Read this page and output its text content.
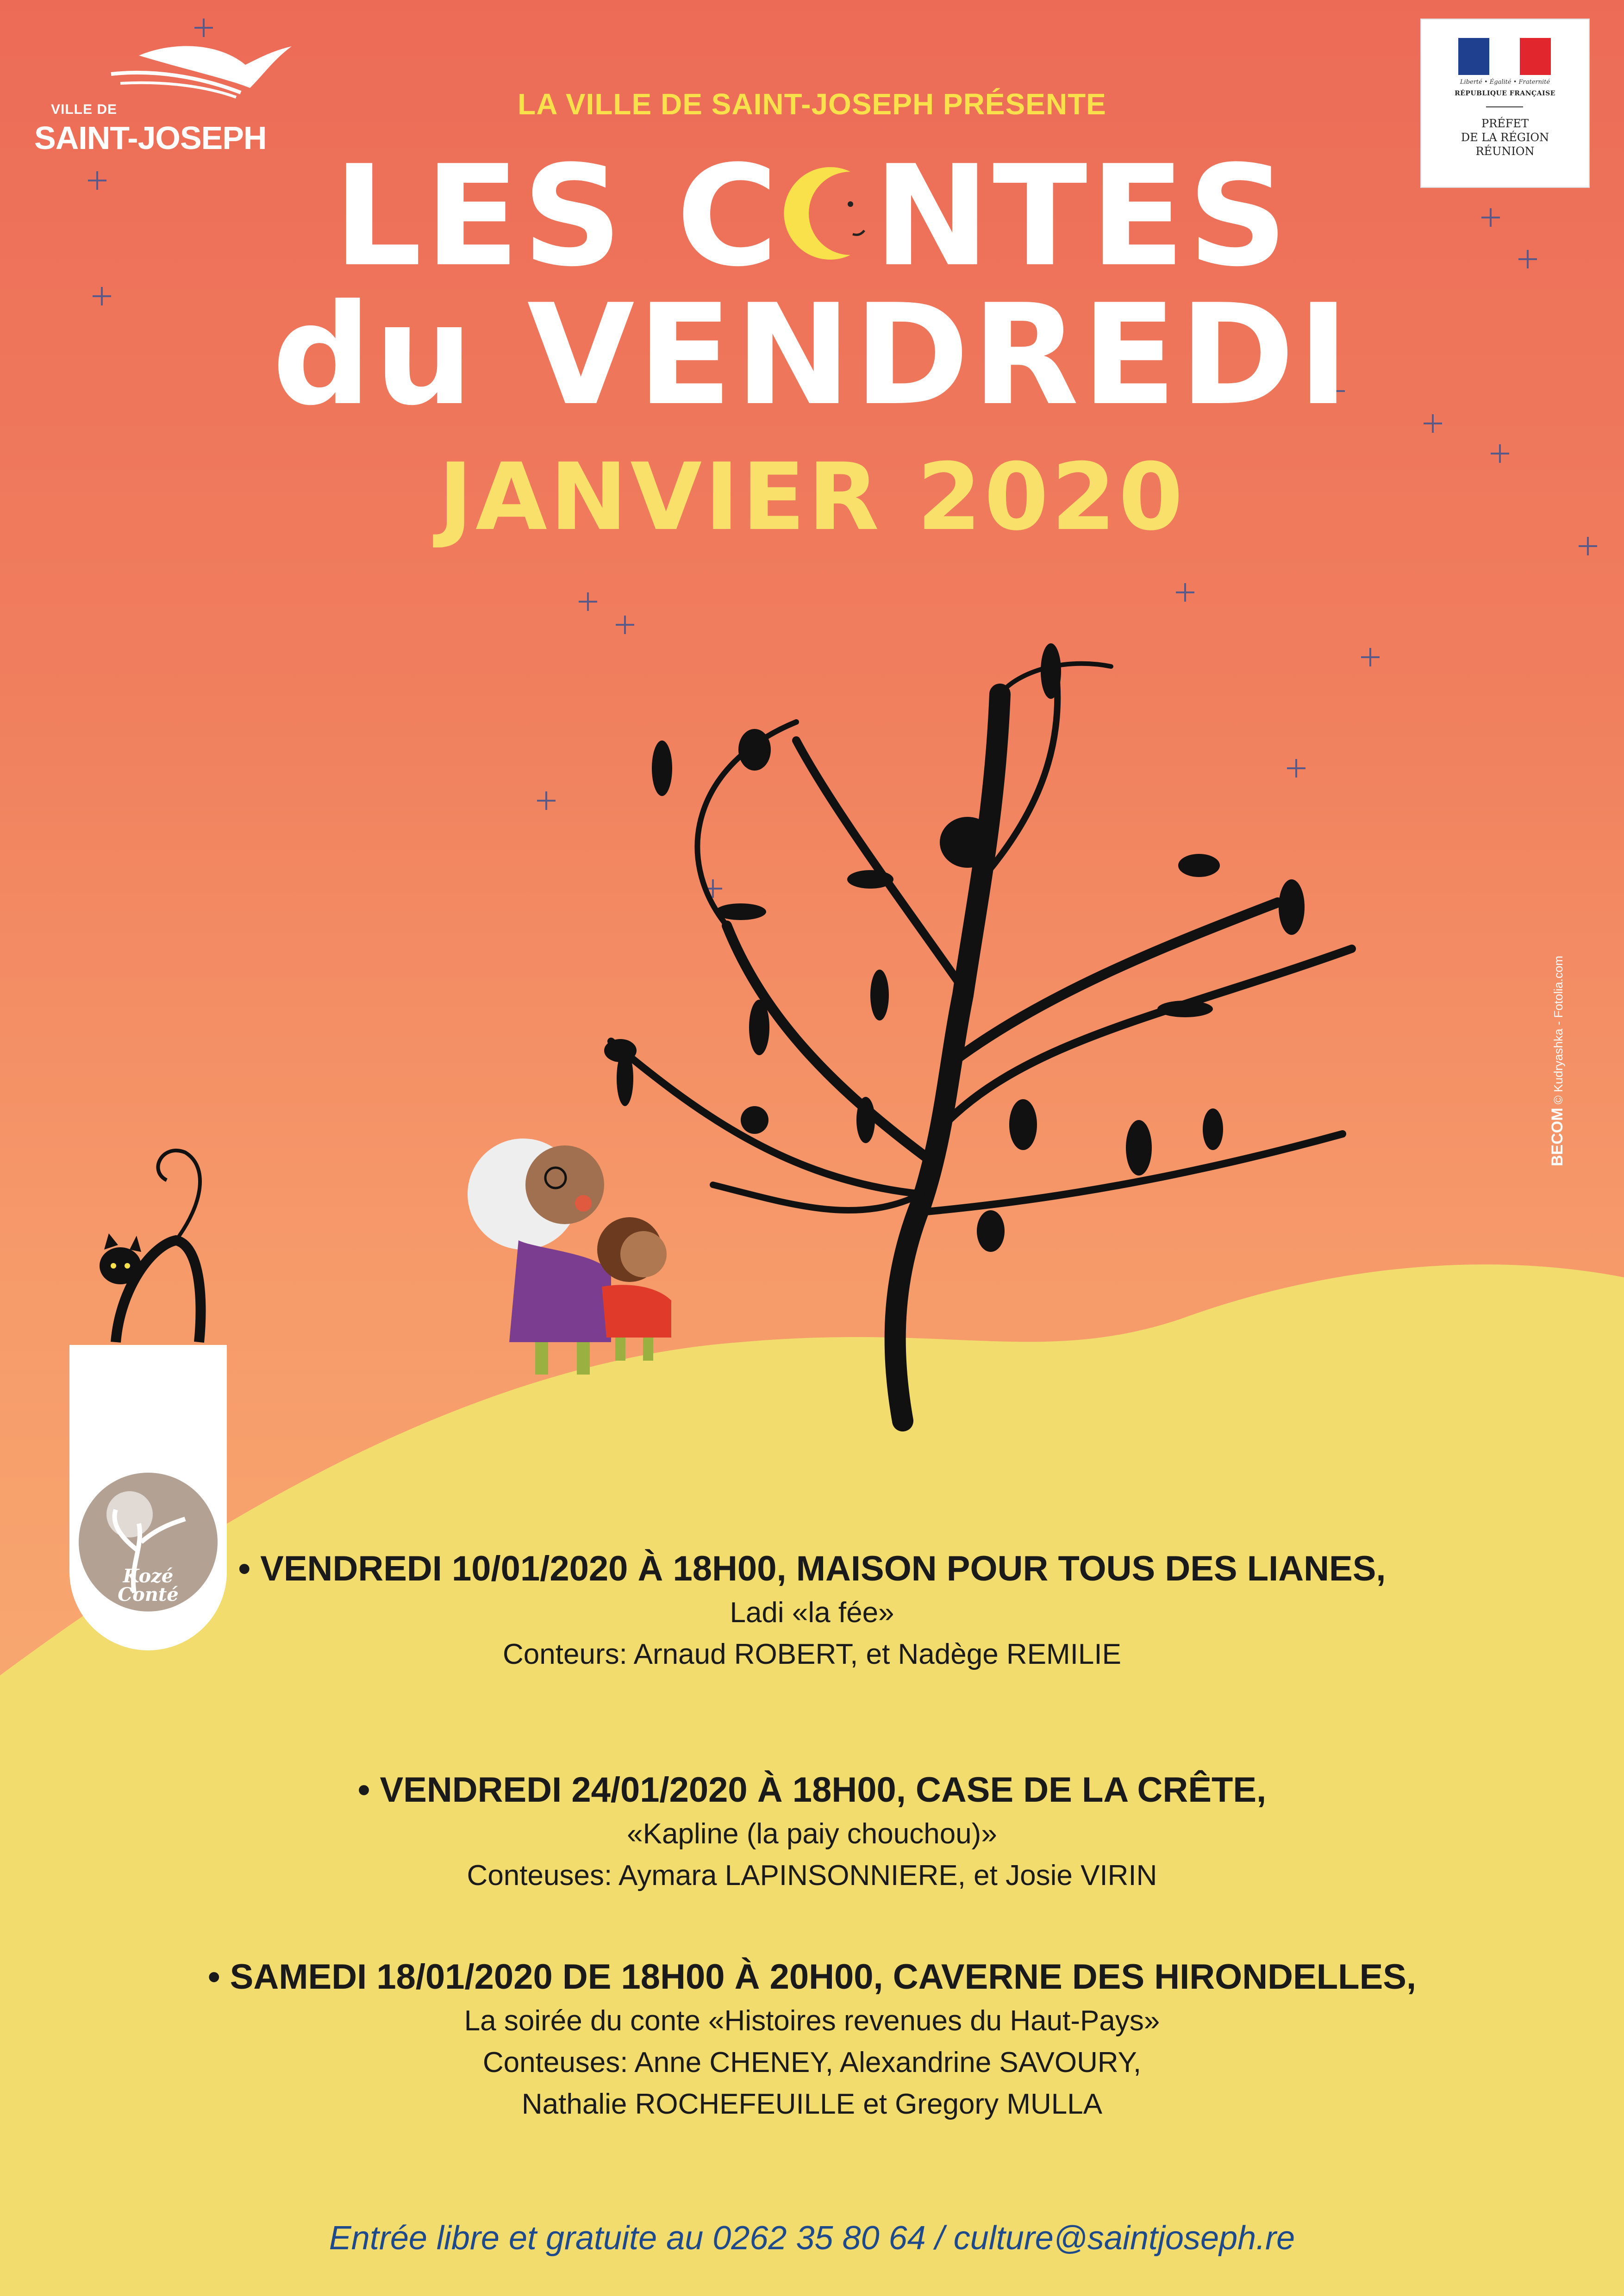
VILLE DE
SAINT-JOSEPH
Liberté • Égalité • Fraternité
RÉPUBLIQUE FRANÇAISE
PRÉFET
DE LA RÉGION
RÉUNION
LA VILLE DE SAINT-JOSEPH PRÉSENTE
LES C NTES
du VENDREDI
JANVIER 2020
BECOM © Kudryashka - Fotolia.com
Kozé
Conté
• VENDREDI 10/01/2020 À 18H00, MAISON POUR TOUS DES LIANES,
Ladi «la fée»
Conteurs: Arnaud ROBERT, et Nadège REMILIE
• VENDREDI 24/01/2020 À 18H00, CASE DE LA CRÊTE,
«Kapline (la paiy chouchou)»
Conteuses: Aymara LAPINSONNIERE, et Josie VIRIN
• SAMEDI 18/01/2020 DE 18H00 À 20H00, CAVERNE DES HIRONDELLES,
La soirée du conte «Histoires revenues du Haut-Pays»
Conteuses: Anne CHENEY, Alexandrine SAVOURY,
Nathalie ROCHEFEUILLE et Gregory MULLA
Entrée libre et gratuite au 0262 35 80 64 / culture@saintjoseph.re
